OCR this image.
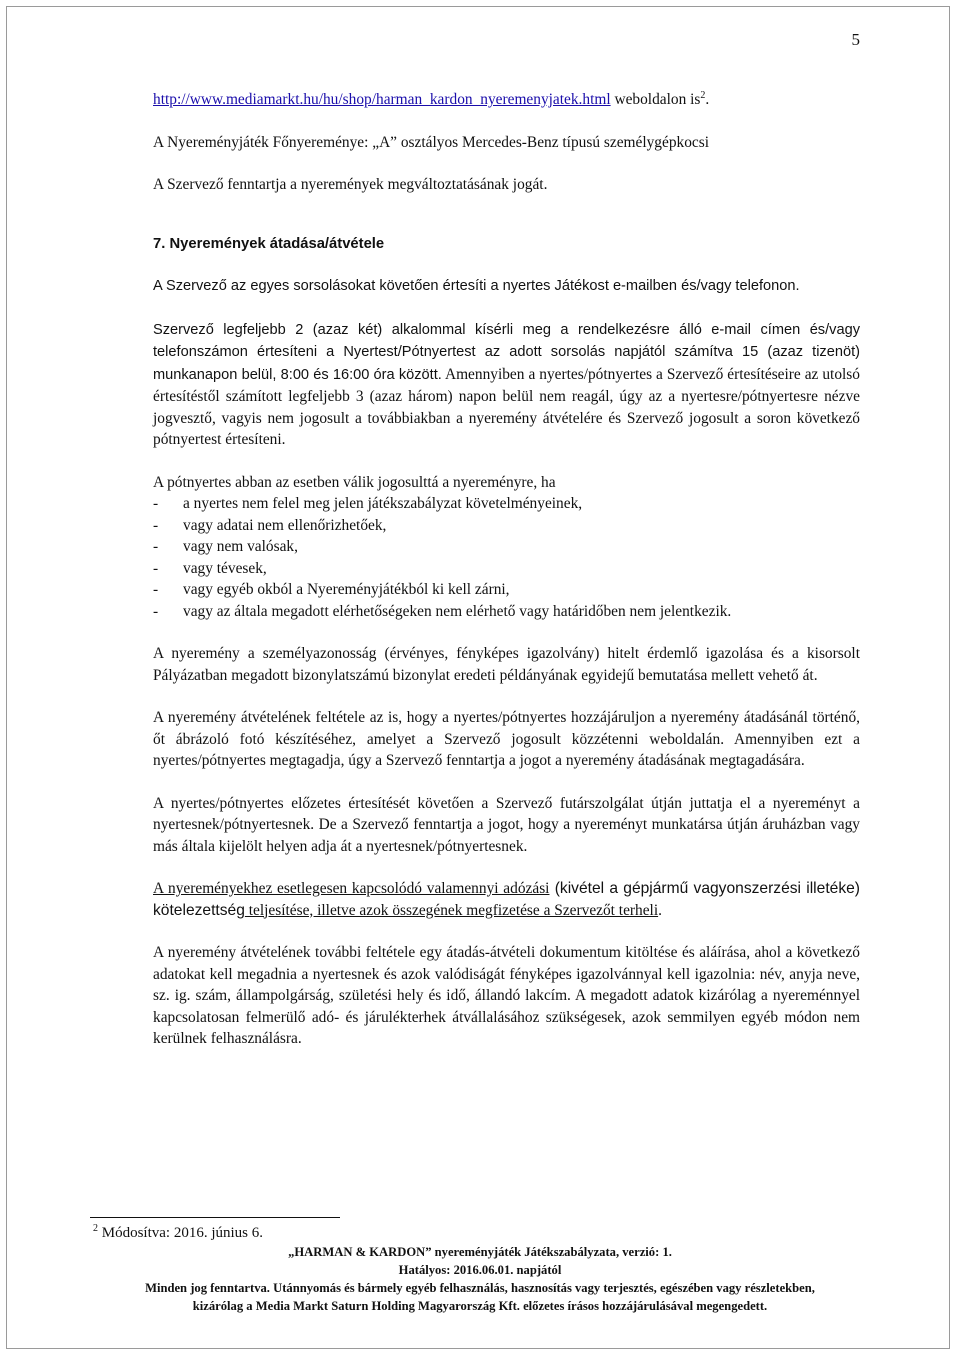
5

http://www.mediamarkt.hu/hu/shop/harman_kardon_nyeremenyjatek.html weboldalon $is^2$.

A Nyereményjáték Főnyereménye: „A” osztályos Mercedes-Benz típusú személygépkocsi

A Szervező fenntartja a nyeremények megváltoztatásának jogát.

7. Nyeremények átadása/átvétele

A Szervező az egyes sorsolásokat követően értesíti a nyertes Játékost e-mailben és/vagy telefonon.

Szervező legfeljebb 2 (azaz két) alkalommal kísérli meg a rendelkezésre álló e-mail címen és/vagy telefonszámon értesíteni a Nyertest/Pótnyertest az adott sorsolás napjától számítva 15 (azaz tizenöt) munkanapon belül, 8:00 és 16:00 óra között. Amennyiben a nyertes/pótnyertes a Szervező értesítéseire az utolsó értesítéstől számított legfeljebb 3 (azaz három) napon belül nem reagál, úgy az a nyertesre/pótnyertesre nézve jogvesztő, vagyis nem jogosult a továbbiakban a nyeremény átvételére és Szervező jogosult a soron következő pótnyertest értesíteni.

A pótnyertes abban az esetben válik jogosulttá a nyereményre, ha

-	a nyertes nem felel meg jelen játékszabályzat követelményeinek,
-	vagy adatai nem ellenőrizhetőek,
-	vagy nem valósak,
-	vagy tévesek,
-	vagy egyéb okból a Nyereményjátékból ki kell zárni,
-	vagy az általa megadott elérhetőségeken nem elérhető vagy határidőben nem jelentkezik.

A nyeremény a személyazonosság (érvényes, fényképes igazolvány) hitelt érdemlő igazolása és a kisorsolt Pályázatban megadott bizonylatszámú bizonylat eredeti példányának egyidejű bemutatása mellett vehető át.

A nyeremény átvételének feltétele az is, hogy a nyertes/pótnyertes hozzájáruljon a nyeremény átadásánál történő, őt ábrázoló fotó készítéséhez, amelyet a Szervező jogosult közzétenni weboldalán. Amennyiben ezt a nyertes/pótnyertes megtagadja, úgy a Szervező fenntartja a jogot a nyeremény átadásának megtagadására.

A nyertes/pótnyertes előzetes értesítését követően a Szervező futárszolgálat útján juttatja el a nyereményt a nyertesnek/pótnyertesnek. De a Szervező fenntartja a jogot, hogy a nyereményt munkatársa útján áruházban vagy más általa kijelölt helyen adja át a nyertesnek/pótnyertesnek.

A nyereményekhez esetlegesen kapcsolódó valamennyi adózási (kivétel a gépjármű vagyonszerzési illetéke) kötelezettség teljesítése, illetve azok összegének megfizetése a Szervezőt terheli.

A nyeremény átvételének további feltétele egy átadás-átvételi dokumentum kitöltése és aláírása, ahol a következő adatokat kell megadnia a nyertesnek és azok valódiságát fényképes igazolvánnyal kell igazolnia: név, anyja neve, sz. ig. szám, állampolgárság, születési hely és idő, állandó lakcím. A megadott adatok kizárólag a nyereménnyel kapcsolatosan felmerülő adó- és járulékterhek átvállalásához szükségesek, azok semmilyen egyéb módon nem kerülnek felhasználásra.

$^2$ Módosítva: 2016. június 6.
„HARMAN & KARDON” nyereményjáték Játékszabályzata, verzió: 1.
Hatályos: 2016.06.01. napjától
Minden jog fenntartva. Utánnyomás és bármely egyéb felhasználás, hasznosítás vagy terjesztés, egészében vagy részletekben,
kizárólag a Media Markt Saturn Holding Magyarország Kft. előzetes írásos hozzájárulásával megengedett.
